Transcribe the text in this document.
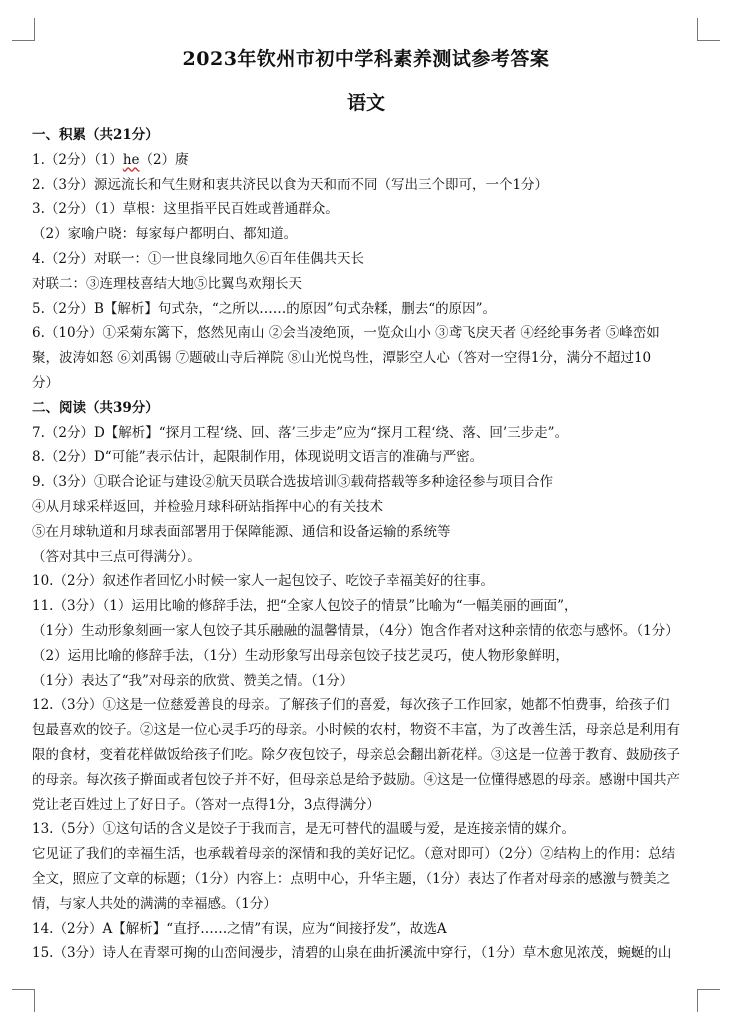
2023年钦州市初中学科素养测试参考答案
语文
一、积累（共21分）
1.（2分）（1）he（2）赓
2.（3分）源远流长和气生财和衷共济民以食为天和而不同（写出三个即可，一个1分）
3.（2分）（1）草根：这里指平民百姓或普通群众。
（2）家喻户晓：每家每户都明白、都知道。
4.（2分）对联一：①一世良缘同地久⑥百年佳偶共天长
对联二：③连理枝喜结大地⑤比翼鸟欢翔长天
5.（2分）B【解析】句式杂，“之所以……的原因”句式杂糅，删去“的原因”。
6.（10分）①采菊东篱下，悠然见南山 ②会当凌绝顶，一览众山小 ③鸢飞戾天者 ④经纶事务者 ⑤峰峦如
聚，波涛如怒 ⑥刘禹锡 ⑦题破山寺后禅院 ⑧山光悦鸟性，潭影空人心（答对一空得1分，满分不超过10
分）
二、阅读（共39分）
7.（2分）D【解析】“探月工程‘绕、回、落’三步走”应为“探月工程‘绕、落、回’三步走”。
8.（2分）D“可能”表示估计，起限制作用，体现说明文语言的准确与严密。
9.（3分）①联合论证与建设②航天员联合选拔培训③载荷搭载等多种途径参与项目合作
④从月球采样返回，并检验月球科研站指挥中心的有关技术
⑤在月球轨道和月球表面部署用于保障能源、通信和设备运输的系统等
（答对其中三点可得满分）。
10.（2分）叙述作者回忆小时候一家人一起包饺子、吃饺子幸福美好的往事。
11.（3分）（1）运用比喻的修辞手法，把“全家人包饺子的情景”比喻为“一幅美丽的画面”，
（1分）生动形象刻画一家人包饺子其乐融融的温馨情景，（4分）饱含作者对这种亲情的依恋与感怀。（1分）
（2）运用比喻的修辞手法，（1分）生动形象写出母亲包饺子技艺灵巧，使人物形象鲜明，
（1分）表达了“我”对母亲的欣赏、赞美之情。（1分）
12.（3分）①这是一位慈爱善良的母亲。了解孩子们的喜爱，每次孩子工作回家，她都不怕费事，给孩子们
包最喜欢的饺子。②这是一位心灵手巧的母亲。小时候的农村，物资不丰富，为了改善生活，母亲总是利用有
限的食材，变着花样做饭给孩子们吃。除夕夜包饺子，母亲总会翻出新花样。③这是一位善于教育、鼓励孩子
的母亲。每次孩子擀面或者包饺子并不好，但母亲总是给予鼓励。④这是一位懂得感恩的母亲。感谢中国共产
党让老百姓过上了好日子。（答对一点得1分，3点得满分）
13.（5分）①这句话的含义是饺子于我而言，是无可替代的温暖与爱，是连接亲情的媒介。
它见证了我们的幸福生活，也承载着母亲的深情和我的美好记忆。（意对即可）（2分）②结构上的作用：总结
全文，照应了文章的标题；（1分）内容上：点明中心，升华主题，（1分）表达了作者对母亲的感激与赞美之
情，与家人共处的满满的幸福感。（1分）
14.（2分）A【解析】“直抒……之情”有误，应为“间接抒发”，故选A
15.（3分）诗人在青翠可掬的山峦间漫步，清碧的山泉在曲折溪流中穿行，（1分）草木愈见浓茂，蜿蜒的山
